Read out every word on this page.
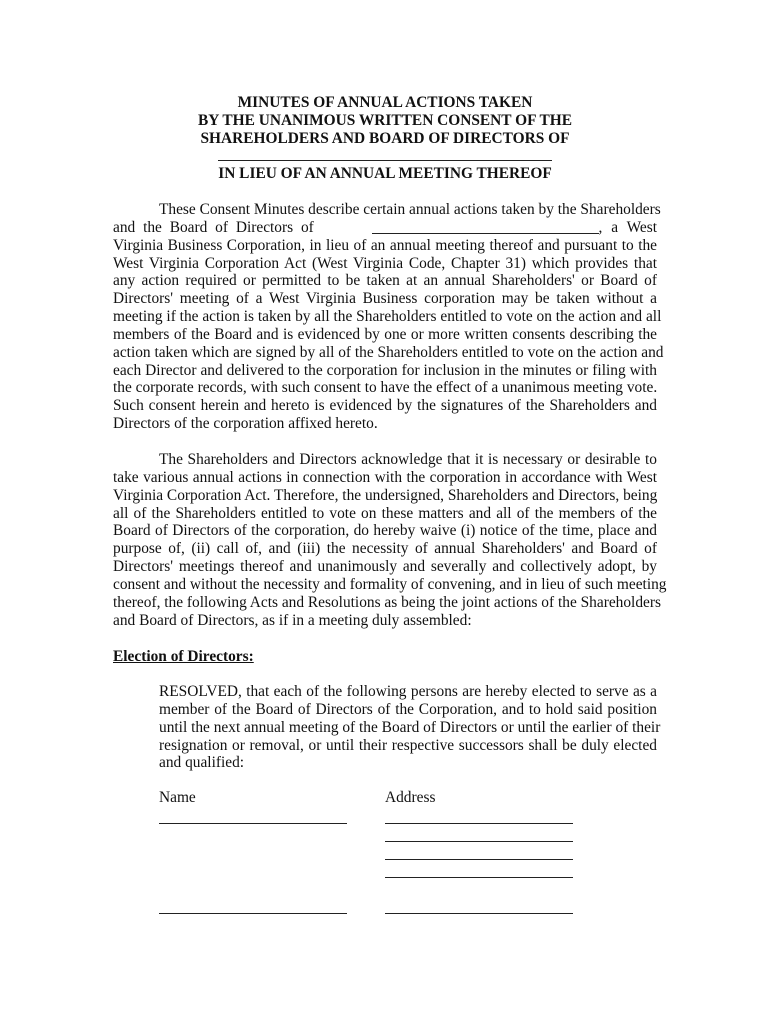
MINUTES OF ANNUAL ACTIONS TAKEN
BY THE UNANIMOUS WRITTEN CONSENT OF THE
SHAREHOLDERS AND BOARD OF DIRECTORS OF
IN LIEU OF AN ANNUAL MEETING THEREOF
These Consent Minutes describe certain annual actions taken by the Shareholders
and the Board of Directors of	, a West
Virginia Business Corporation, in lieu of an annual meeting thereof and pursuant to the
West Virginia Corporation Act (West Virginia Code, Chapter 31) which provides that
any action required or permitted to be taken at an annual Shareholders' or Board of
Directors' meeting of a West Virginia Business corporation may be taken without a
meeting if the action is taken by all the Shareholders entitled to vote on the action and all
members of the Board and is evidenced by one or more written consents describing the
action taken which are signed by all of the Shareholders entitled to vote on the action and
each Director and delivered to the corporation for inclusion in the minutes or filing with
the corporate records, with such consent to have the effect of a unanimous meeting vote.
Such consent herein and hereto is evidenced by the signatures of the Shareholders and
Directors of the corporation affixed hereto.
The Shareholders and Directors acknowledge that it is necessary or desirable to
take various annual actions in connection with the corporation in accordance with West
Virginia Corporation Act. Therefore, the undersigned, Shareholders and Directors, being
all of the Shareholders entitled to vote on these matters and all of the members of the
Board of Directors of the corporation, do hereby waive (i) notice of the time, place and
purpose of, (ii) call of, and (iii) the necessity of annual Shareholders' and Board of
Directors' meetings thereof and unanimously and severally and collectively adopt, by
consent and without the necessity and formality of convening, and in lieu of such meeting
thereof, the following Acts and Resolutions as being the joint actions of the Shareholders
and Board of Directors, as if in a meeting duly assembled:
Election of Directors:
RESOLVED, that each of the following persons are hereby elected to serve as a
member of the Board of Directors of the Corporation, and to hold said position
until the next annual meeting of the Board of Directors or until the earlier of their
resignation or removal, or until their respective successors shall be duly elected
and qualified:
Name	Address
